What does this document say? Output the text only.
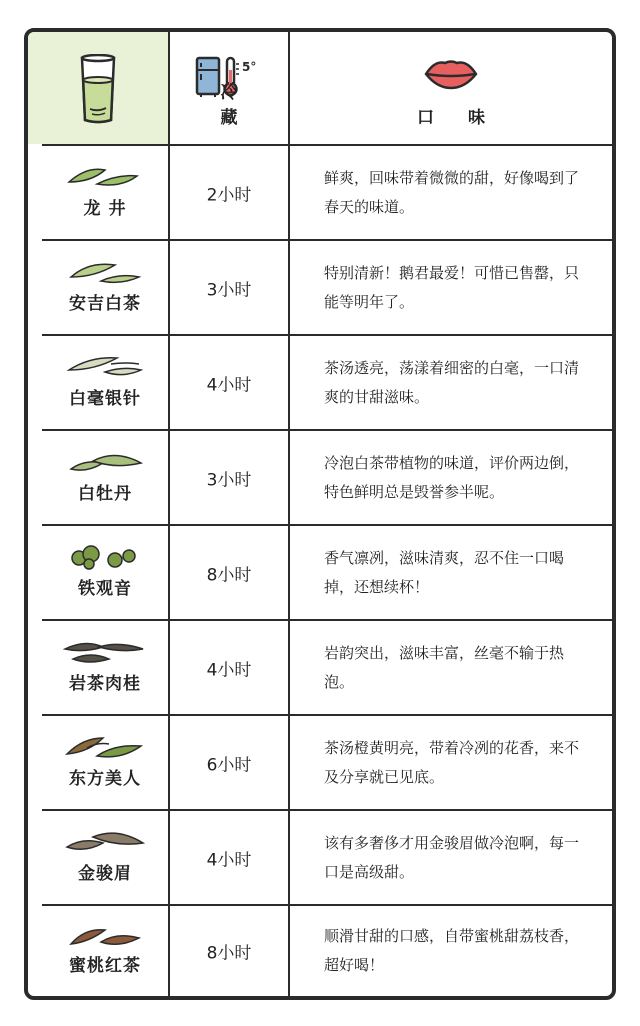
5°
冷 藏	口 味
龙 井
2小时
鲜爽，回味带着微微的甜，好像喝到了春天的味道。
安吉白茶
3小时
特别清新！鹅君最爱！可惜已售罄，只能等明年了。
白毫银针
4小时
茶汤透亮，荡漾着细密的白毫，一口清爽的甘甜滋味。
白牡丹
3小时
冷泡白茶带植物的味道，评价两边倒，特色鲜明总是毁誉参半呢。
铁观音
8小时
香气凛冽，滋味清爽，忍不住一口喝掉，还想续杯！
岩茶肉桂
4小时
岩韵突出，滋味丰富，丝毫不输于热泡。
东方美人
6小时
茶汤橙黄明亮，带着冷冽的花香，来不及分享就已见底。
金骏眉
4小时
该有多奢侈才用金骏眉做冷泡啊，每一口是高级甜。
蜜桃红茶
8小时
顺滑甘甜的口感，自带蜜桃甜荔枝香，超好喝！
